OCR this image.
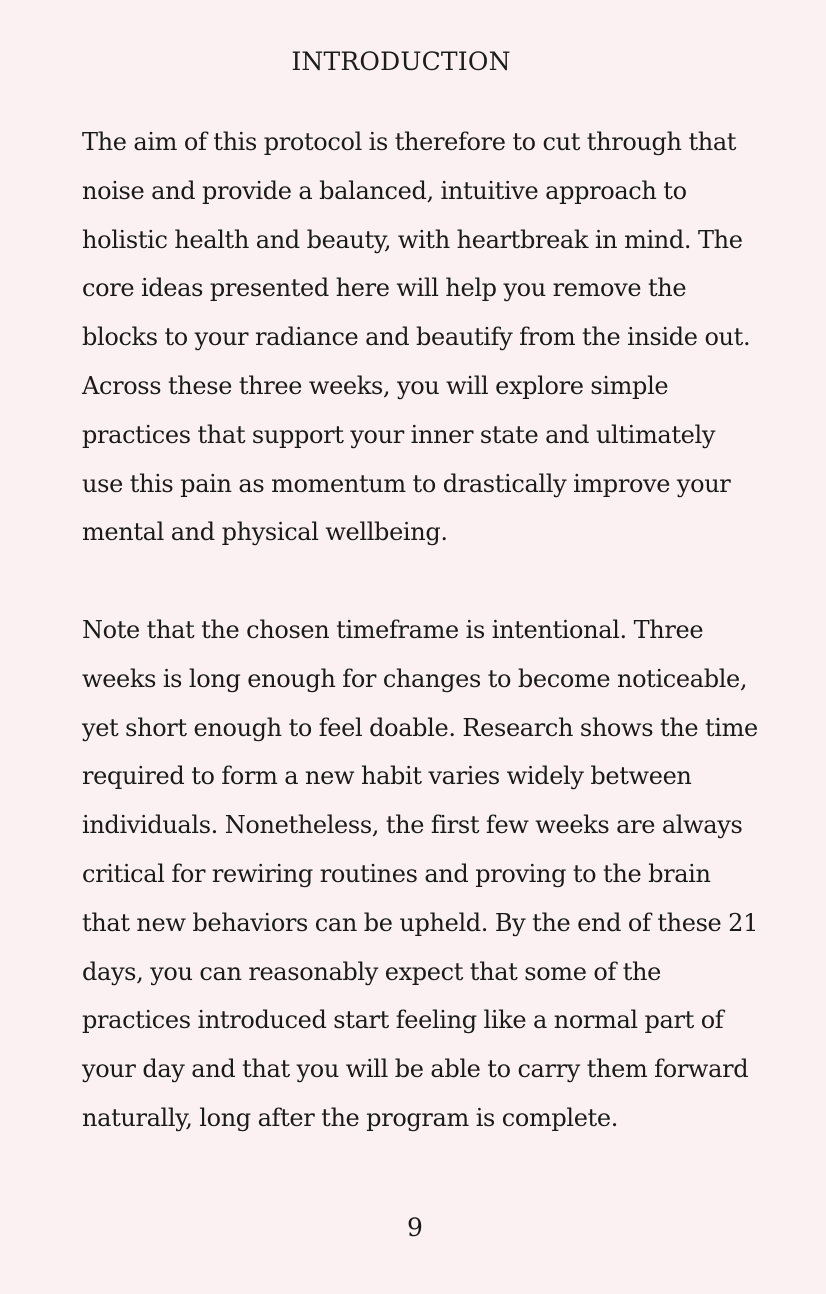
INTRODUCTION
The aim of this protocol is therefore to cut through that
noise and provide a balanced, intuitive approach to
holistic health and beauty, with heartbreak in mind. The
core ideas presented here will help you remove the
blocks to your radiance and beautify from the inside out.
Across these three weeks, you will explore simple
practices that support your inner state and ultimately
use this pain as momentum to drastically improve your
mental and physical wellbeing.
Note that the chosen timeframe is intentional. Three
weeks is long enough for changes to become noticeable,
yet short enough to feel doable. Research shows the time
required to form a new habit varies widely between
individuals. Nonetheless, the first few weeks are always
critical for rewiring routines and proving to the brain
that new behaviors can be upheld. By the end of these 21
days, you can reasonably expect that some of the
practices introduced start feeling like a normal part of
your day and that you will be able to carry them forward
naturally, long after the program is complete.
9
